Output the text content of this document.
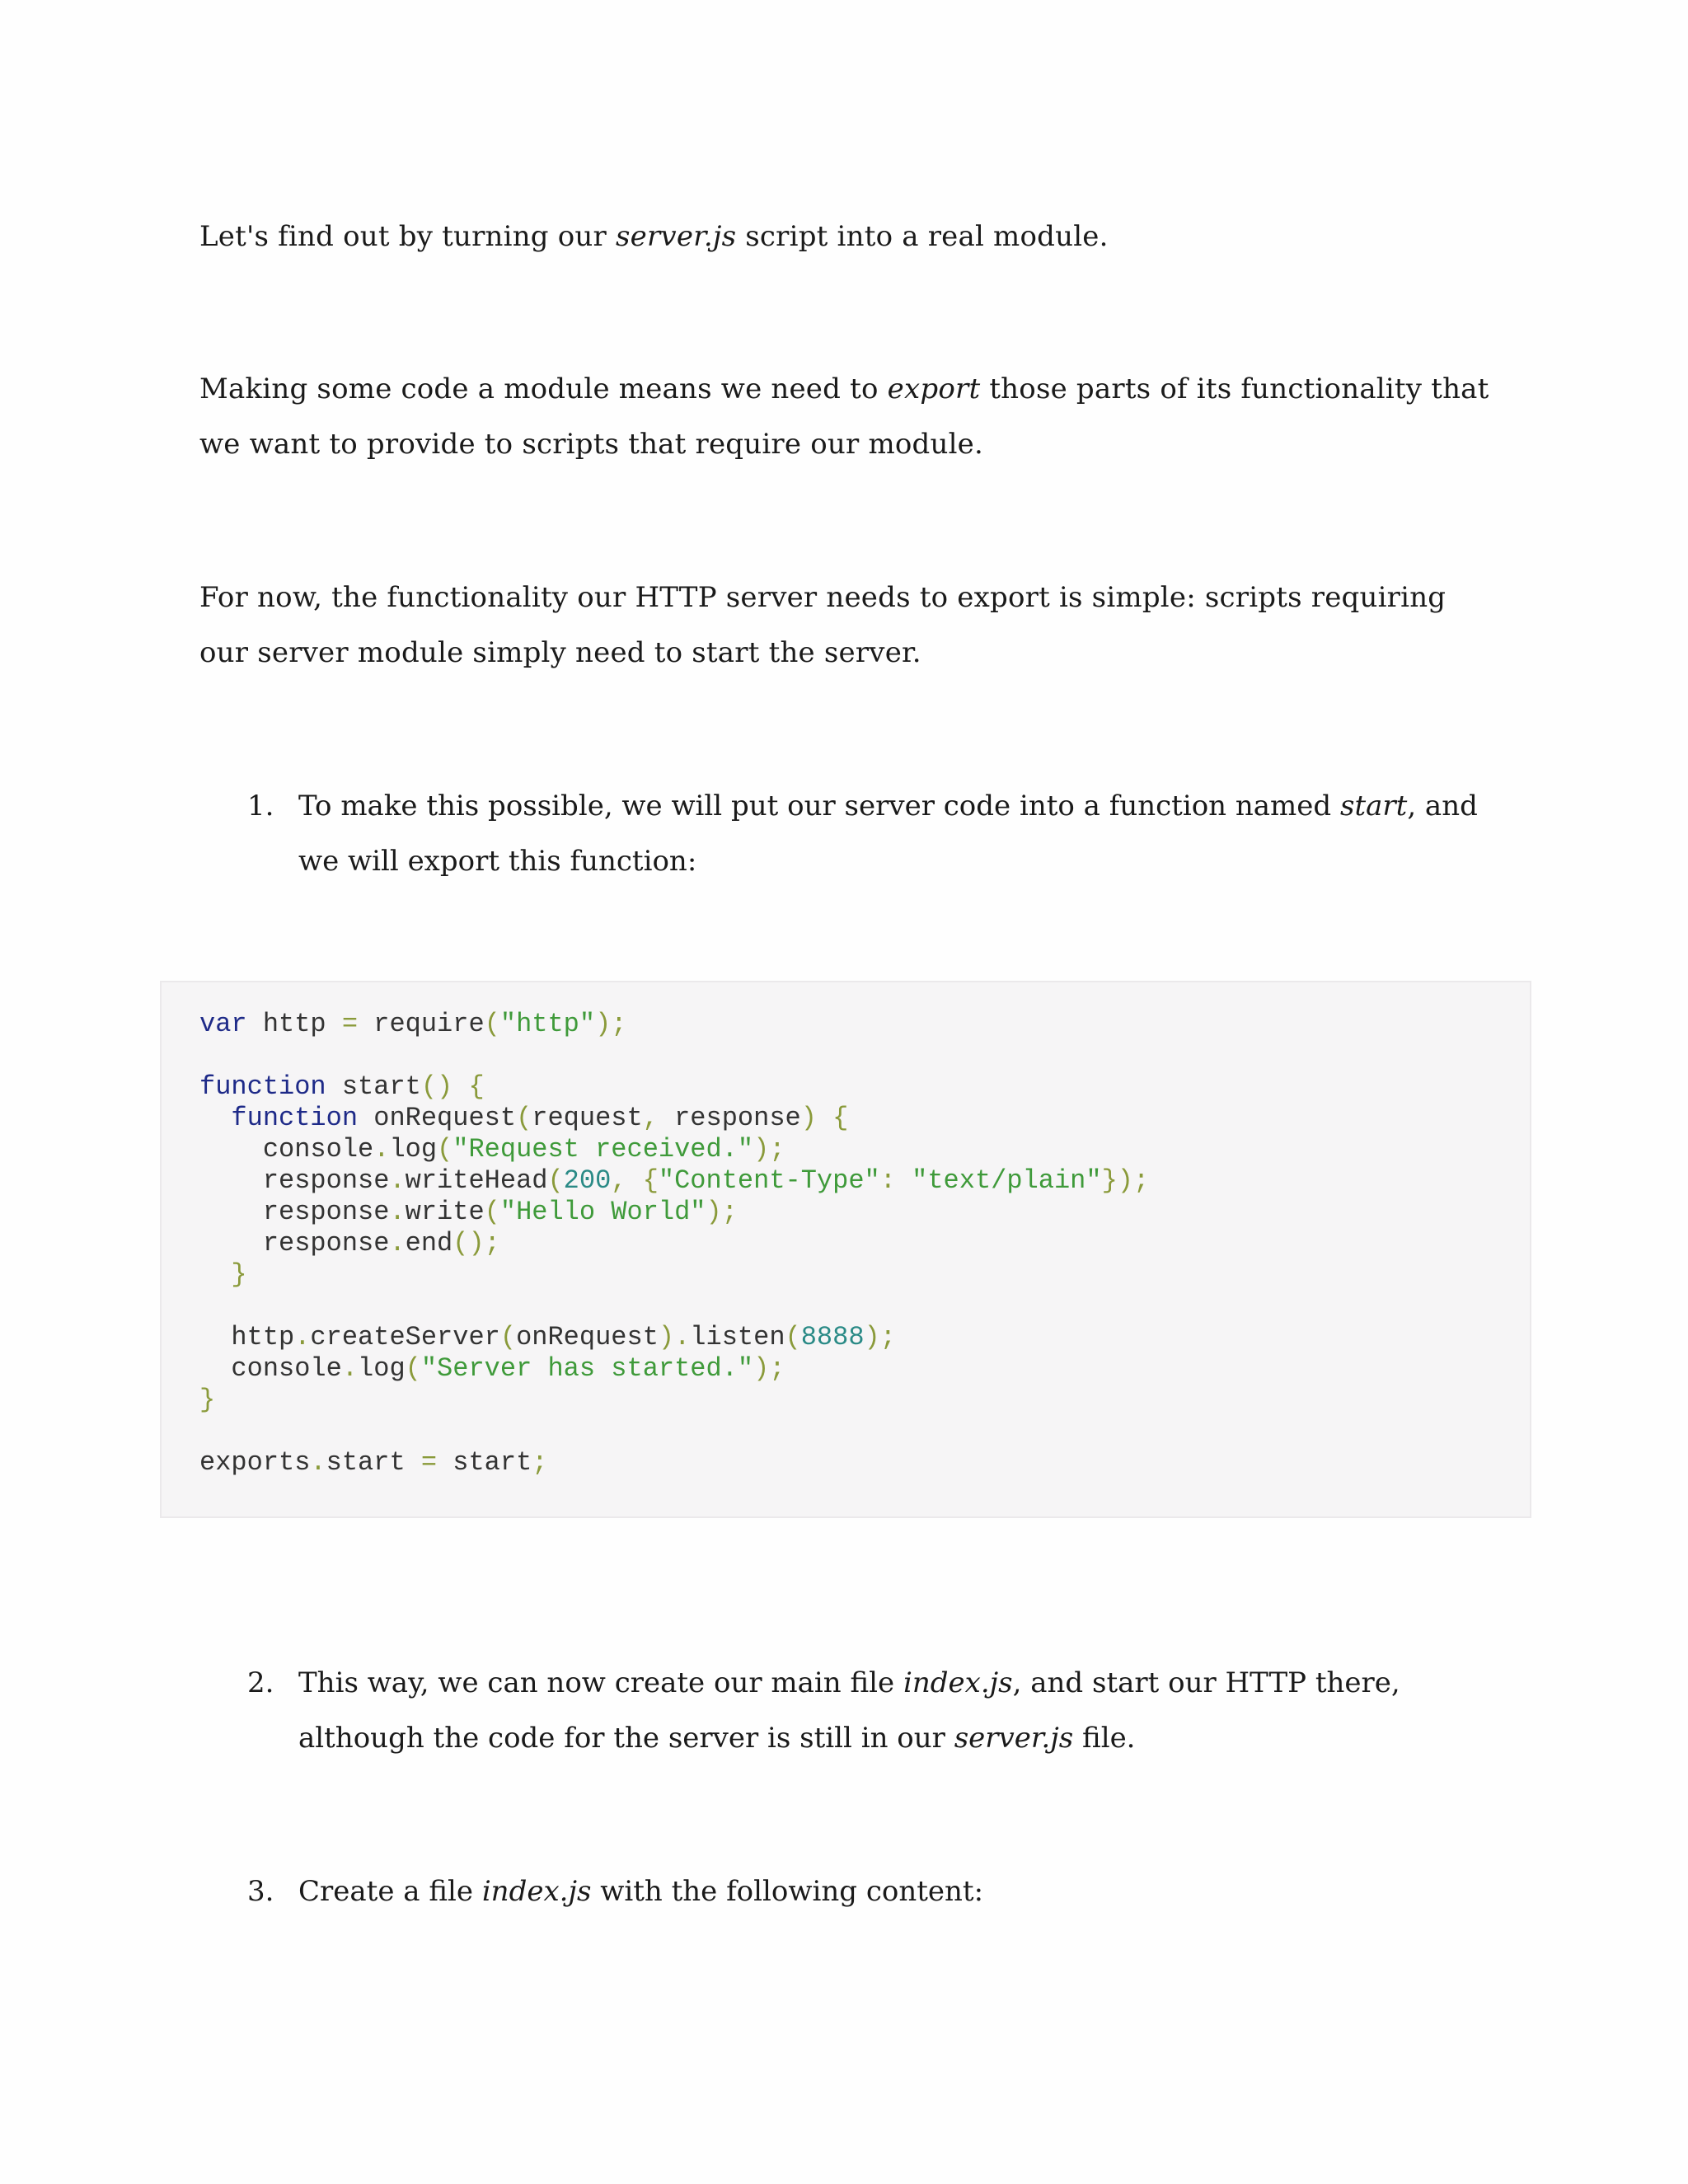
Let's find out by turning our server.js script into a real module.

Making some code a module means we need to export those parts of its functionality that we want to provide to scripts that require our module.

For now, the functionality our HTTP server needs to export is simple: scripts requiring our server module simply need to start the server.

1. To make this possible, we will put our server code into a function named start, and we will export this function:
var http = require("http");
function start() {
function onRequest(request, response) {
console.log("Request received.");
response.writeHead(200, {"Content-Type": "text/plain"});
response.write("Hello World");
response.end();
}
http.createServer(onRequest).listen(8888);
console.log("Server has started.");
}
exports.start = start;
2. This way, we can now create our main file index.js, and start our HTTP there, although the code for the server is still in our server.js file.
3. Create a file index.js with the following content:
